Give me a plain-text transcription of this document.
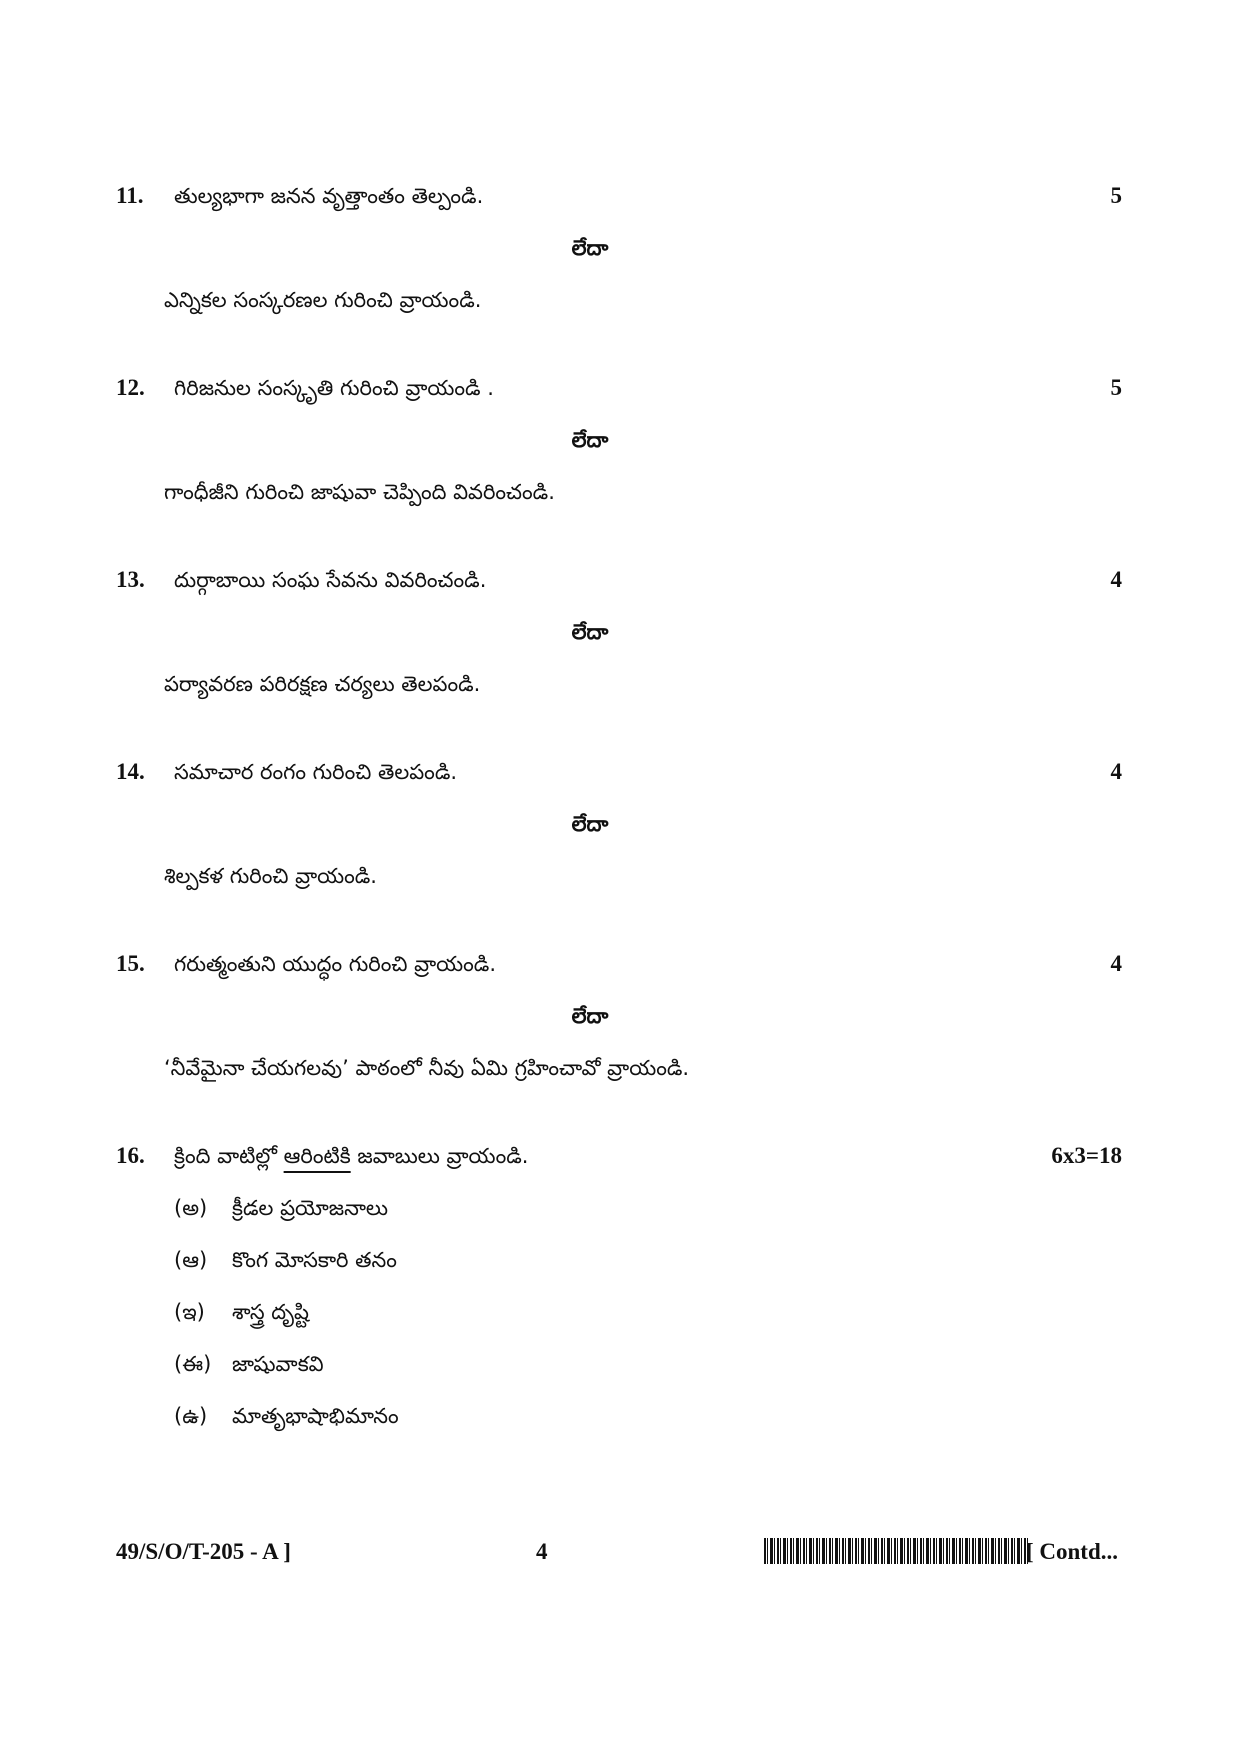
11. తుల్యభాగా జనన వృత్తాంతం తెల్పండి.	5
లేదా
ఎన్నికల సంస్కరణల గురించి వ్రాయండి.
12. గిరిజనుల సంస్కృతి గురించి వ్రాయండి .	5
లేదా
గాంధీజీని గురించి జాషువా చెప్పింది వివరించండి.
13. దుర్గాబాయి సంఘ సేవను వివరించండి.	4
లేదా
పర్యావరణ పరిరక్షణ చర్యలు తెలపండి.
14. సమాచార రంగం గురించి తెలపండి.	4
లేదా
శిల్పకళ గురించి వ్రాయండి.
15. గరుత్మంతుని యుద్ధం గురించి వ్రాయండి.	4
లేదా
‘నీవేమైనా చేయగలవు’ పాఠంలో నీవు ఏమి గ్రహించావో వ్రాయండి.
16. క్రింది వాటిల్లో ఆరింటికి జవాబులు వ్రాయండి.	6x3=18
(అ) క్రీడల ప్రయోజనాలు
(ఆ) కొంగ మోసకారి తనం
(ఇ) శాస్త్ర దృష్టి
(ఈ) జాషువాకవి
(ఉ) మాతృభాషాభిమానం
49/S/O/T-205 - A ]	4	[ Contd...
